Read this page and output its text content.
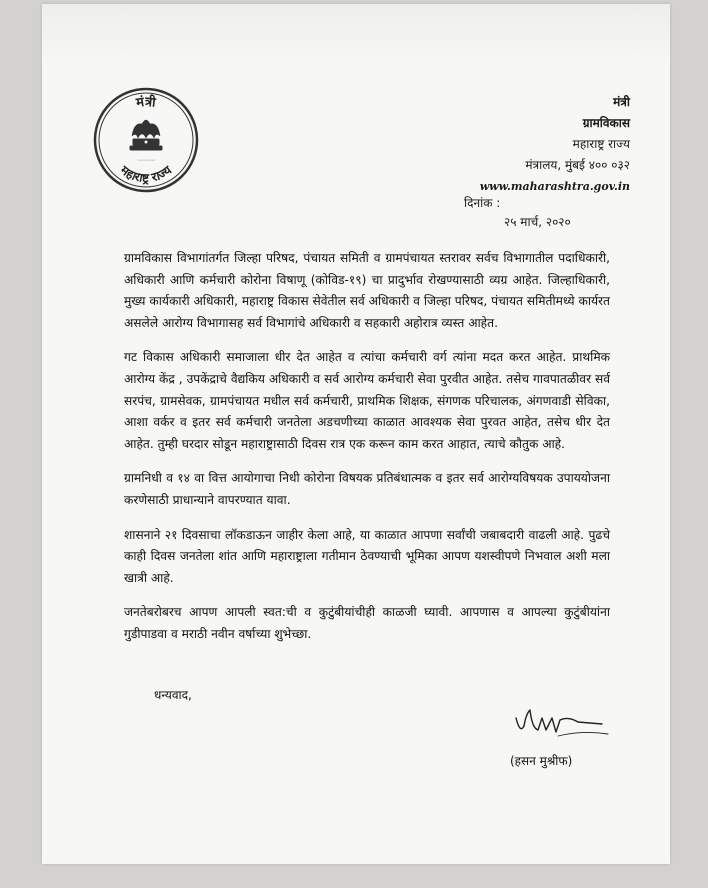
मंत्री
महाराष्ट्र राज्य
⋯⋯⋯
मंत्री
ग्रामविकास
महाराष्ट्र राज्य
मंत्रालय, मुंबई ४०० ०३२
www.maharashtra.gov.in
दिनांक :
२५ मार्च, २०२०

ग्रामविकास विभागांतर्गत जिल्हा परिषद, पंचायत समिती व ग्रामपंचायत स्तरावर सर्वच विभागातील पदाधिकारी, अधिकारी आणि कर्मचारी कोरोना विषाणू (कोविड-१९) चा प्रादुर्भाव रोखण्यासाठी व्यग्र आहेत. जिल्हाधिकारी, मुख्य कार्यकारी अधिकारी, महाराष्ट्र विकास सेवेतील सर्व अधिकारी व जिल्हा परिषद, पंचायत समितीमध्ये कार्यरत असलेले आरोग्य विभागासह सर्व विभागांचे अधिकारी व सहकारी अहोरात्र व्यस्त आहेत.

गट विकास अधिकारी समाजाला धीर देत आहेत व त्यांचा कर्मचारी वर्ग त्यांना मदत करत आहेत. प्राथमिक आरोग्य केंद्र , उपकेंद्राचे वैद्यकिय अधिकारी व सर्व आरोग्य कर्मचारी सेवा पुरवीत आहेत. तसेच गावपातळीवर सर्व सरपंच, ग्रामसेवक, ग्रामपंचायत मधील सर्व कर्मचारी, प्राथमिक शिक्षक, संगणक परिचालक, अंगणवाडी सेविका, आशा वर्कर व इतर सर्व कर्मचारी जनतेला अडचणीच्या काळात आवश्यक सेवा पुरवत आहेत, तसेच धीर देत आहेत. तुम्ही घरदार सोडून महाराष्ट्रासाठी दिवस रात्र एक करून काम करत आहात, त्याचे कौतुक आहे.

ग्रामनिधी व १४ वा वित्त आयोगाचा निधी कोरोना विषयक प्रतिबंधात्मक व इतर सर्व आरोग्यविषयक उपाययोजना करणेसाठी प्राधान्याने वापरण्यात यावा.

शासनाने २१ दिवसाचा लॉकडाऊन जाहीर केला आहे, या काळात आपणा सर्वांची जबाबदारी वाढली आहे. पुढचे काही दिवस जनतेला शांत आणि महाराष्ट्राला गतीमान ठेवण्याची भूमिका आपण यशस्वीपणे निभवाल अशी मला खात्री आहे.

जनतेबरोबरच आपण आपली स्वत:ची व कुटुंबीयांचीही काळजी घ्यावी. आपणास व आपल्या कुटुंबीयांना गुडीपाडवा व मराठी नवीन वर्षाच्या शुभेच्छा.

धन्यवाद,
(हसन मुश्रीफ)
